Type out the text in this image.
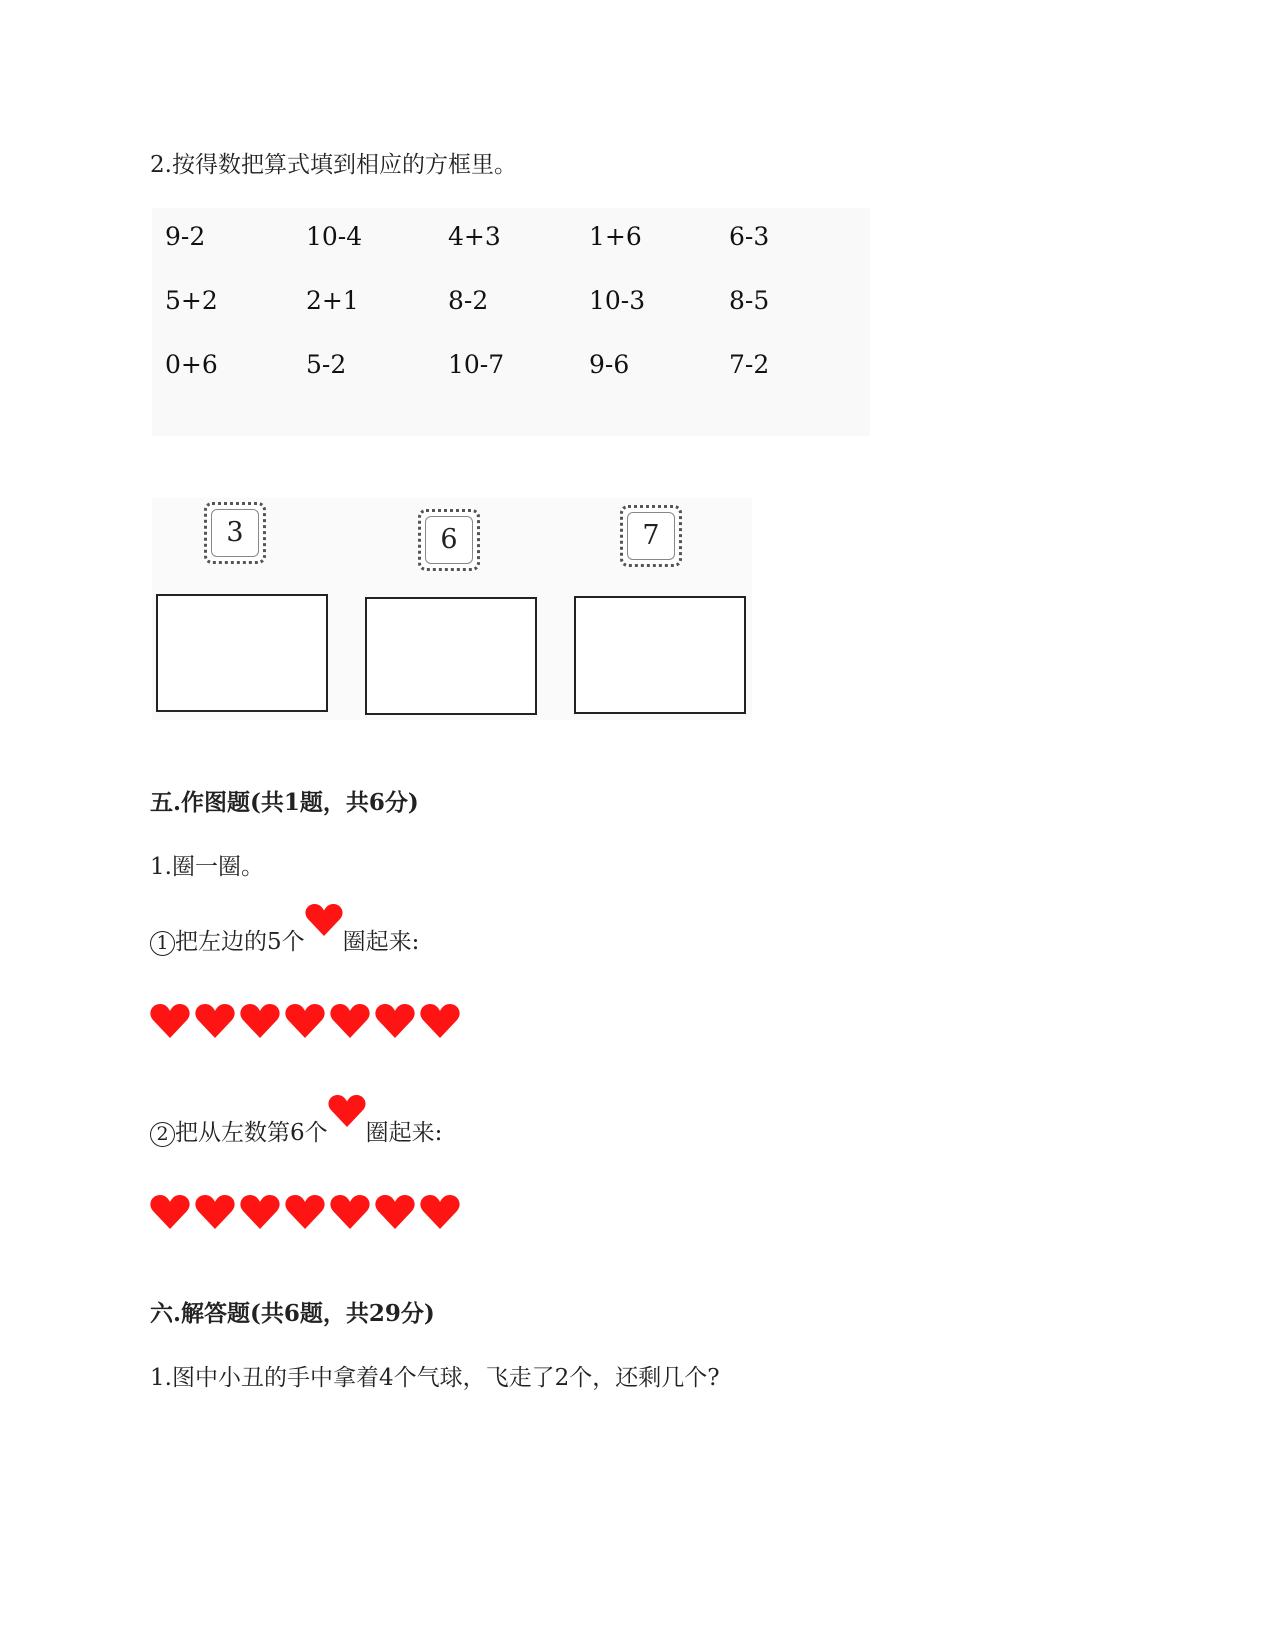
2.按得数把算式填到相应的方框里。
9-2	10-4	4+3	1+6	6-3
5+2	2+1	8-2	10-3	8-5
0+6	5-2	10-7	9-6	7-2
3	6	7
五.作图题(共1题，共6分)
1.圈一圈。
1 把左边的5个 圈起来:
2 把从左数第6个 圈起来:
六.解答题(共6题，共29分)
1.图中小丑的手中拿着4个气球，飞走了2个，还剩几个?
